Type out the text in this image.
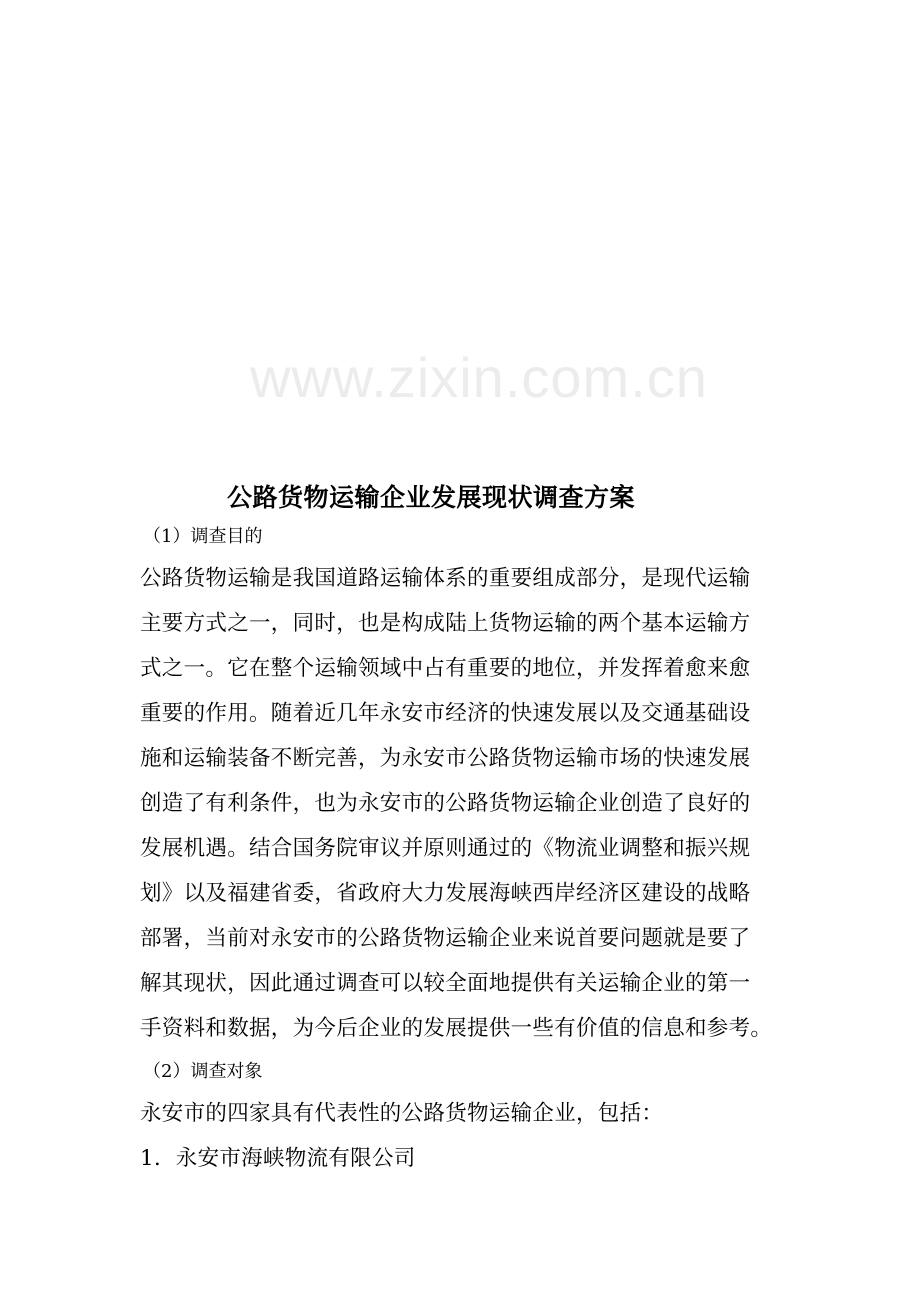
www.zixin.com.cn
公路货物运输企业发展现状调查方案
（1）调查目的
公路货物运输是我国道路运输体系的重要组成部分，是现代运输
主要方式之一，同时，也是构成陆上货物运输的两个基本运输方
式之一。它在整个运输领域中占有重要的地位，并发挥着愈来愈
重要的作用。随着近几年永安市经济的快速发展以及交通基础设
施和运输装备不断完善，为永安市公路货物运输市场的快速发展
创造了有利条件，也为永安市的公路货物运输企业创造了良好的
发展机遇。结合国务院审议并原则通过的《物流业调整和振兴规
划》以及福建省委，省政府大力发展海峡西岸经济区建设的战略
部署，当前对永安市的公路货物运输企业来说首要问题就是要了
解其现状，因此通过调查可以较全面地提供有关运输企业的第一
手资料和数据，为今后企业的发展提供一些有价值的信息和参考。
（2）调查对象
永安市的四家具有代表性的公路货物运输企业，包括：
1．永安市海峡物流有限公司
